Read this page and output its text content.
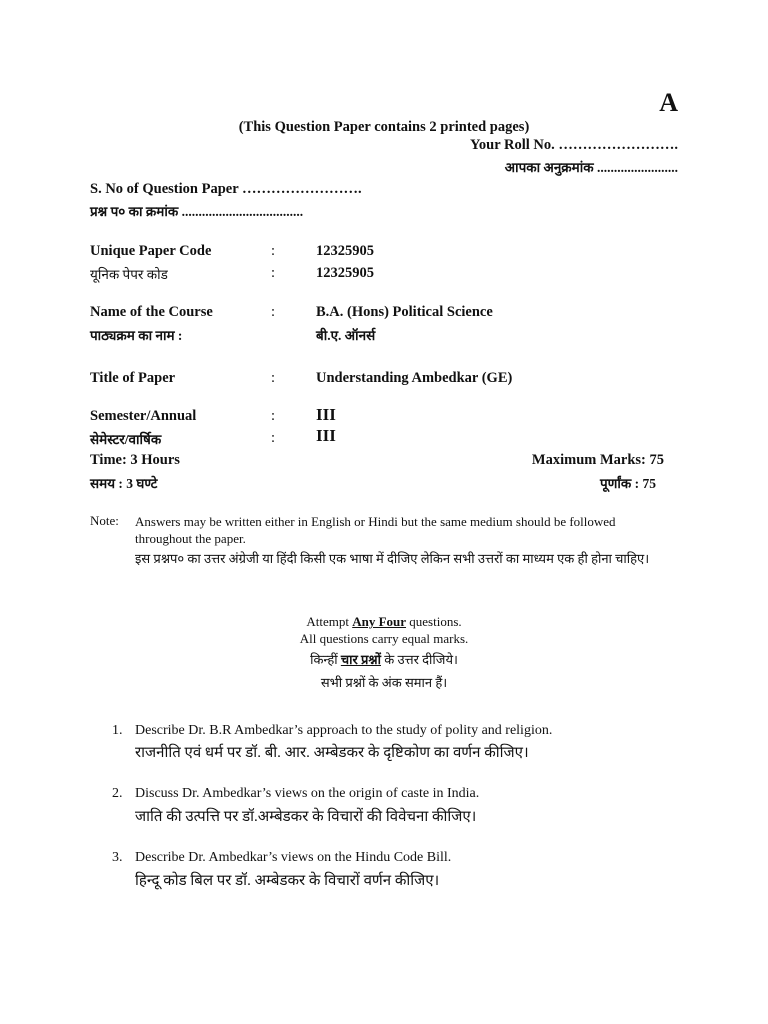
A
(This Question Paper contains 2 printed pages)
Your Roll No. …………………….
आपका अनुक्रमांक ........................
S. No of Question Paper …………………….
प्रश्न प० का क्रमांक ....................................
Unique Paper Code	:	12325905
यूनिक पेपर कोड	:	12325905
Name of the Course	:	B.A. (Hons) Political Science
पाठ्यक्रम का नाम :	बी.ए. ऑनर्स
Title of Paper	:	Understanding Ambedkar (GE)
Semester/Annual	: III
सेमेस्टर/वार्षिक	: III
Time: 3 Hours
समय : 3 घण्टे
Maximum Marks: 75
पूर्णांक : 75
Note: Answers may be written either in English or Hindi but the same medium should be followed throughout the paper.
इस प्रश्नप० का उत्तर अंग्रेजी या हिंदी किसी एक भाषा में दीजिए लेकिन सभी उत्तरों का माध्यम एक ही होना चाहिए।
Attempt Any Four questions.
All questions carry equal marks.
किन्हीं चार प्रश्नों के उत्तर दीजिये।
सभी प्रश्नों के अंक समान हैं।
1. Describe Dr. B.R Ambedkar’s approach to the study of polity and religion.
राजनीति एवं धर्म पर डॉ. बी. आर. अम्बेडकर के दृष्टिकोण का वर्णन कीजिए।
2. Discuss Dr. Ambedkar’s views on the origin of caste in India.
जाति की उत्पत्ति पर डॉ.अम्बेडकर के विचारों की विवेचना कीजिए।
3. Describe Dr. Ambedkar’s views on the Hindu Code Bill.
हिन्दू कोड बिल पर डॉ. अम्बेडकर के विचारों वर्णन कीजिए।
